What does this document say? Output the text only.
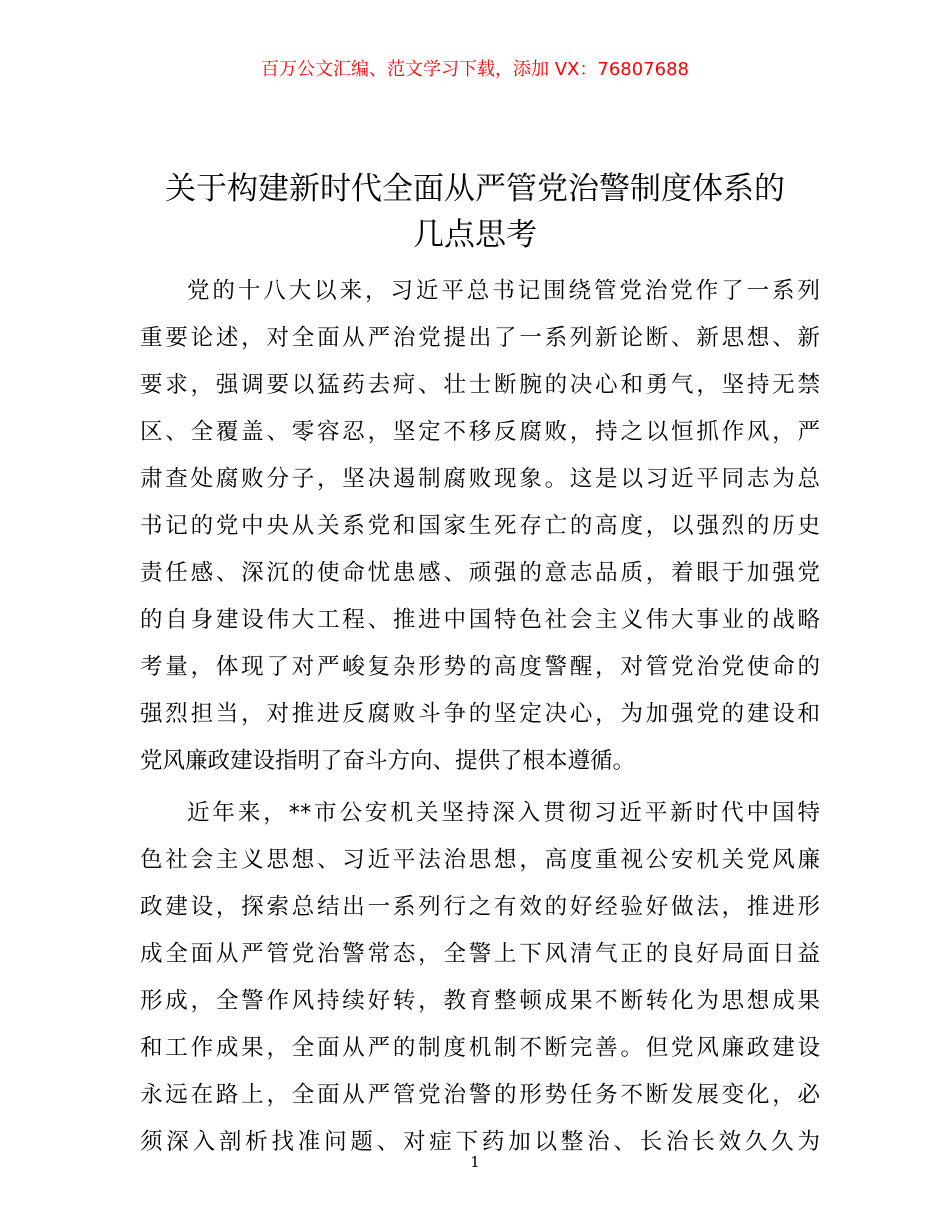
百万公文汇编、范文学习下载，添加 VX：76807688
关于构建新时代全面从严管党治警制度体系的
几点思考
党的十八大以来，习近平总书记围绕管党治党作了一系列
重要论述，对全面从严治党提出了一系列新论断、新思想、新
要求，强调要以猛药去疴、壮士断腕的决心和勇气，坚持无禁
区、全覆盖、零容忍，坚定不移反腐败，持之以恒抓作风，严
肃查处腐败分子，坚决遏制腐败现象。这是以习近平同志为总
书记的党中央从关系党和国家生死存亡的高度，以强烈的历史
责任感、深沉的使命忧患感、顽强的意志品质，着眼于加强党
的自身建设伟大工程、推进中国特色社会主义伟大事业的战略
考量，体现了对严峻复杂形势的高度警醒，对管党治党使命的
强烈担当，对推进反腐败斗争的坚定决心，为加强党的建设和
党风廉政建设指明了奋斗方向、提供了根本遵循。
近年来，**市公安机关坚持深入贯彻习近平新时代中国特
色社会主义思想、习近平法治思想，高度重视公安机关党风廉
政建设，探索总结出一系列行之有效的好经验好做法，推进形
成全面从严管党治警常态，全警上下风清气正的良好局面日益
形成，全警作风持续好转，教育整顿成果不断转化为思想成果
和工作成果，全面从严的制度机制不断完善。但党风廉政建设
永远在路上，全面从严管党治警的形势任务不断发展变化，必
须深入剖析找准问题、对症下药加以整治、长治长效久久为
1
